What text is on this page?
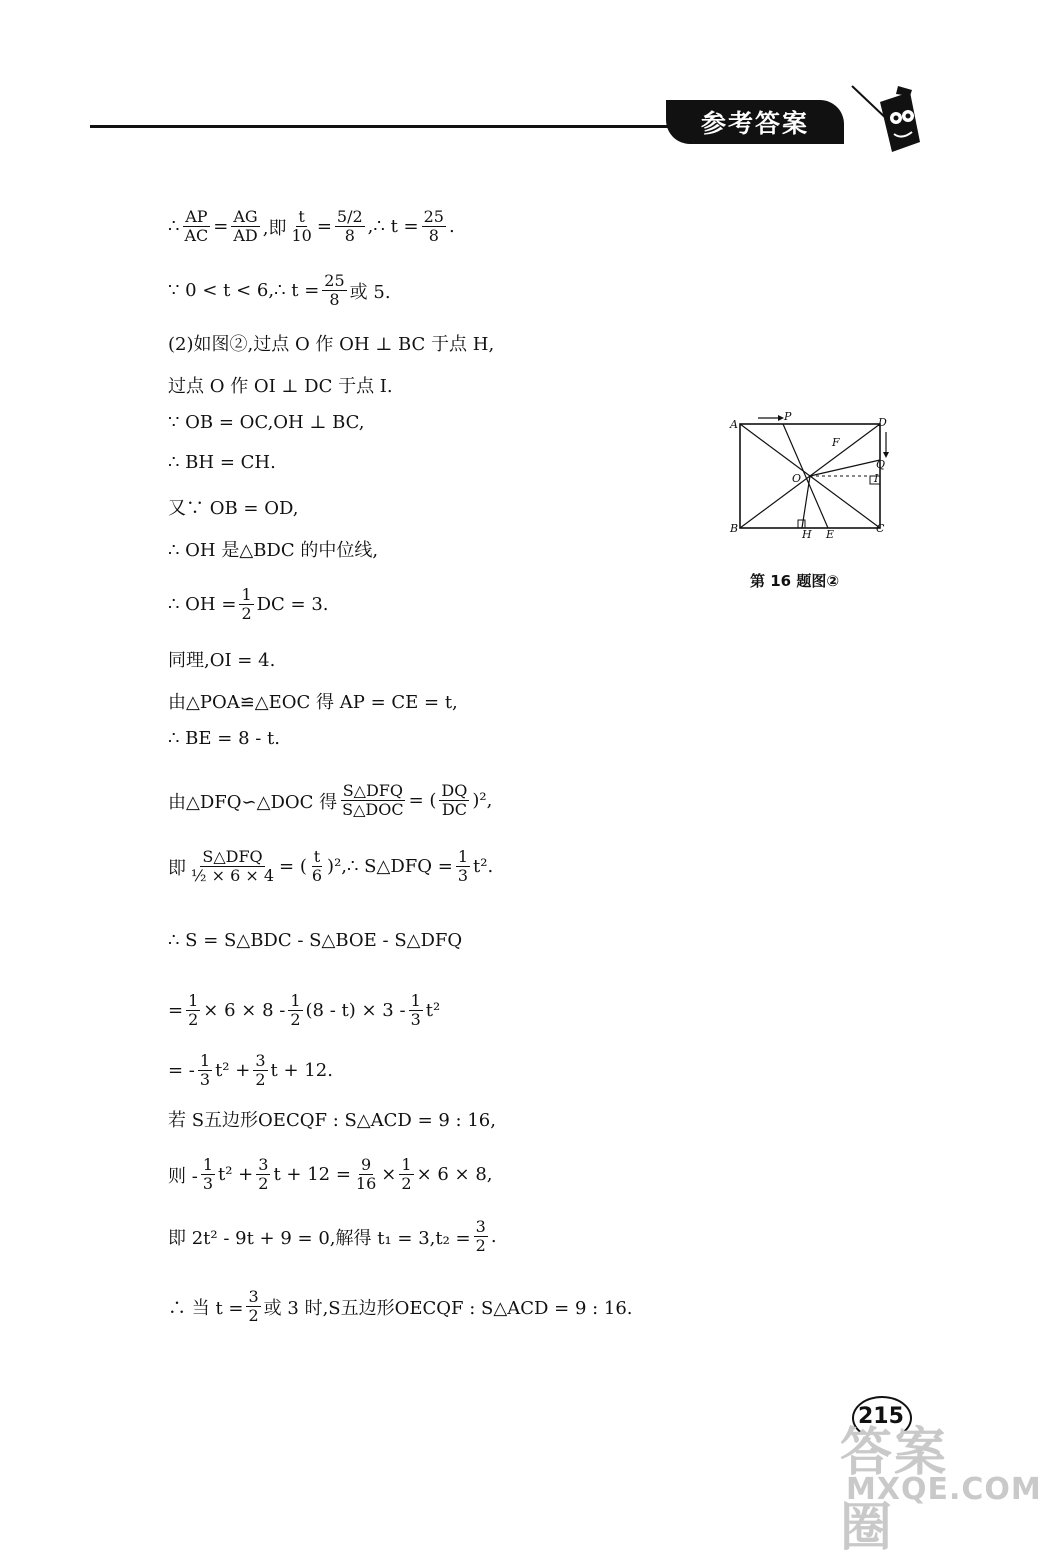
参考答案
∴ $\frac{AP}{AC} = \frac{AG}{AD}$ ,即 $\frac{t}{10} = \frac{5/2}{8}$ ,∴ $t = \frac{25}{8}$ .
∵ 0 < t < 6,∴ $t = \frac{25}{8}$ 或 5.
(2)如图②,过点 O 作 OH ⊥ BC 于点 H,
过点 O 作 OI ⊥ DC 于点 I.
∵ OB = OC,OH ⊥ BC,
∴ BH = CH.
又∵ OB = OD,
∴ OH 是△BDC 的中位线,
∴ OH = $\frac{1}{2}$ DC = 3.
同理,OI = 4.
由△POA≌△EOC 得 AP = CE = t,
∴ BE = 8 - t.
由△DFQ∽△DOC 得 $\frac{\text{S△DFQ}}{\text{S△DOC}}$ = ( $\frac{DQ}{DC} )^2$,
即 $\frac{\text{S△DFQ}}{\text{½ × 6 × 4}}$ = ( $\frac{t}{6}$ )²,∴ S△DFQ = $\frac{1}{3} t^2$.
∴ S = S△BDC - S△BOE - S△DFQ
= $\frac{1}{2} \times 6 \times 8 - \frac{1}{2} (8 - t) \times 3 - \frac{1}{3} t^2$
= - $\frac{1}{3} t^2 + \frac{3}{2}$ t + 12.
若 S五边形OECQF : S△ACD = 9 : 16,
则 - $\frac{1}{3} t^2 + \frac{3}{2}$ $t + 12 = \frac{9}{16} \times \frac{1}{2} \times 6 \times 8$,
即 2t² - 9t + 9 = 0,解得 $t_1 = 3,t_2 = \frac{3}{2}$ .
∴ 当 $t = \frac{3}{2}$ 或 3 时,S五边形OECQF : S△ACD = 9 : 16.
A
P	D
F
Q
O	I
B	H E	C
第 16 题图②
215
答案圈
MXQE.COM
